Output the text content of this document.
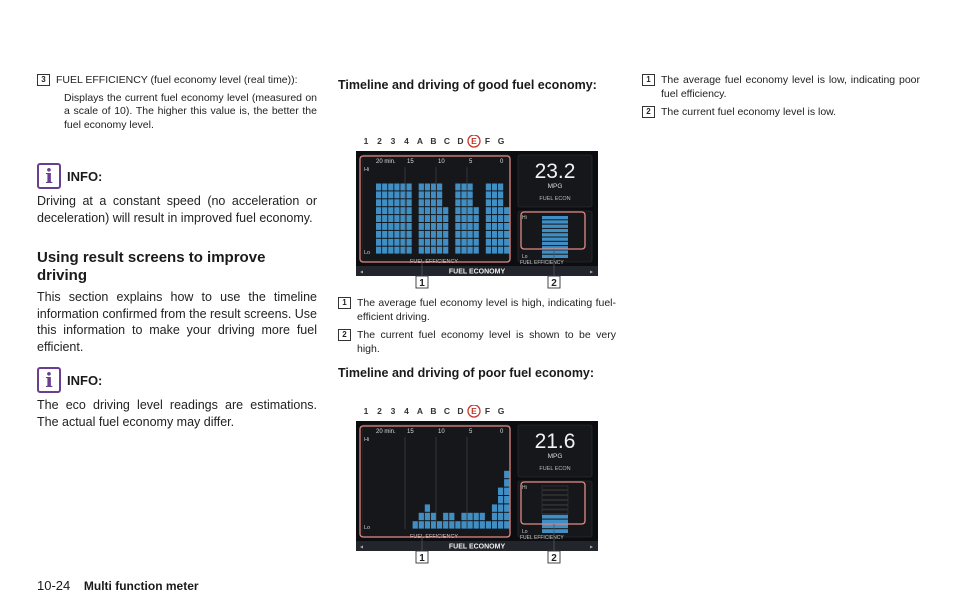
3 FUEL EFFICIENCY (fuel economy level (real time)):
Displays the current fuel economy level (measured on a scale of 10). The higher this value is, the better the fuel economy level.
i	INFO:
Driving at a constant speed (no acceleration or deceleration) will result in improved fuel economy.
Using result screens to improve driving
This section explains how to use the timeline information confirmed from the result screens. Use this information to make your driving more fuel efficient.
i	INFO:
The eco driving level readings are estimations. The actual fuel economy may differ.
Timeline and driving of good fuel economy:
1 The average fuel economy level is high, indicating fuel-efficient driving.
2 The current fuel economy level is shown to be very high.
Timeline and driving of poor fuel economy:
1 The average fuel economy level is low, indicating poor fuel efficiency.
2 The current fuel economy level is low.
1 2 3 4 A B C D E F G
20 min. 15	10	5	0
Hi
Lo
FUEL EFFICIENCY
23.2
MPG
FUEL ECON
Hi
Lo
FUEL EFFICIENCY
FUEL ECONOMY
◂	▸
1	2
1 2 3 4 A B C D E F G
20 min. 15	10	5	0
Hi
Lo
FUEL EFFICIENCY
21.6
MPG
FUEL ECON
Hi
Lo
FUEL EFFICIENCY
FUEL ECONOMY
◂	▸
1	2
10-24 Multi function meter
